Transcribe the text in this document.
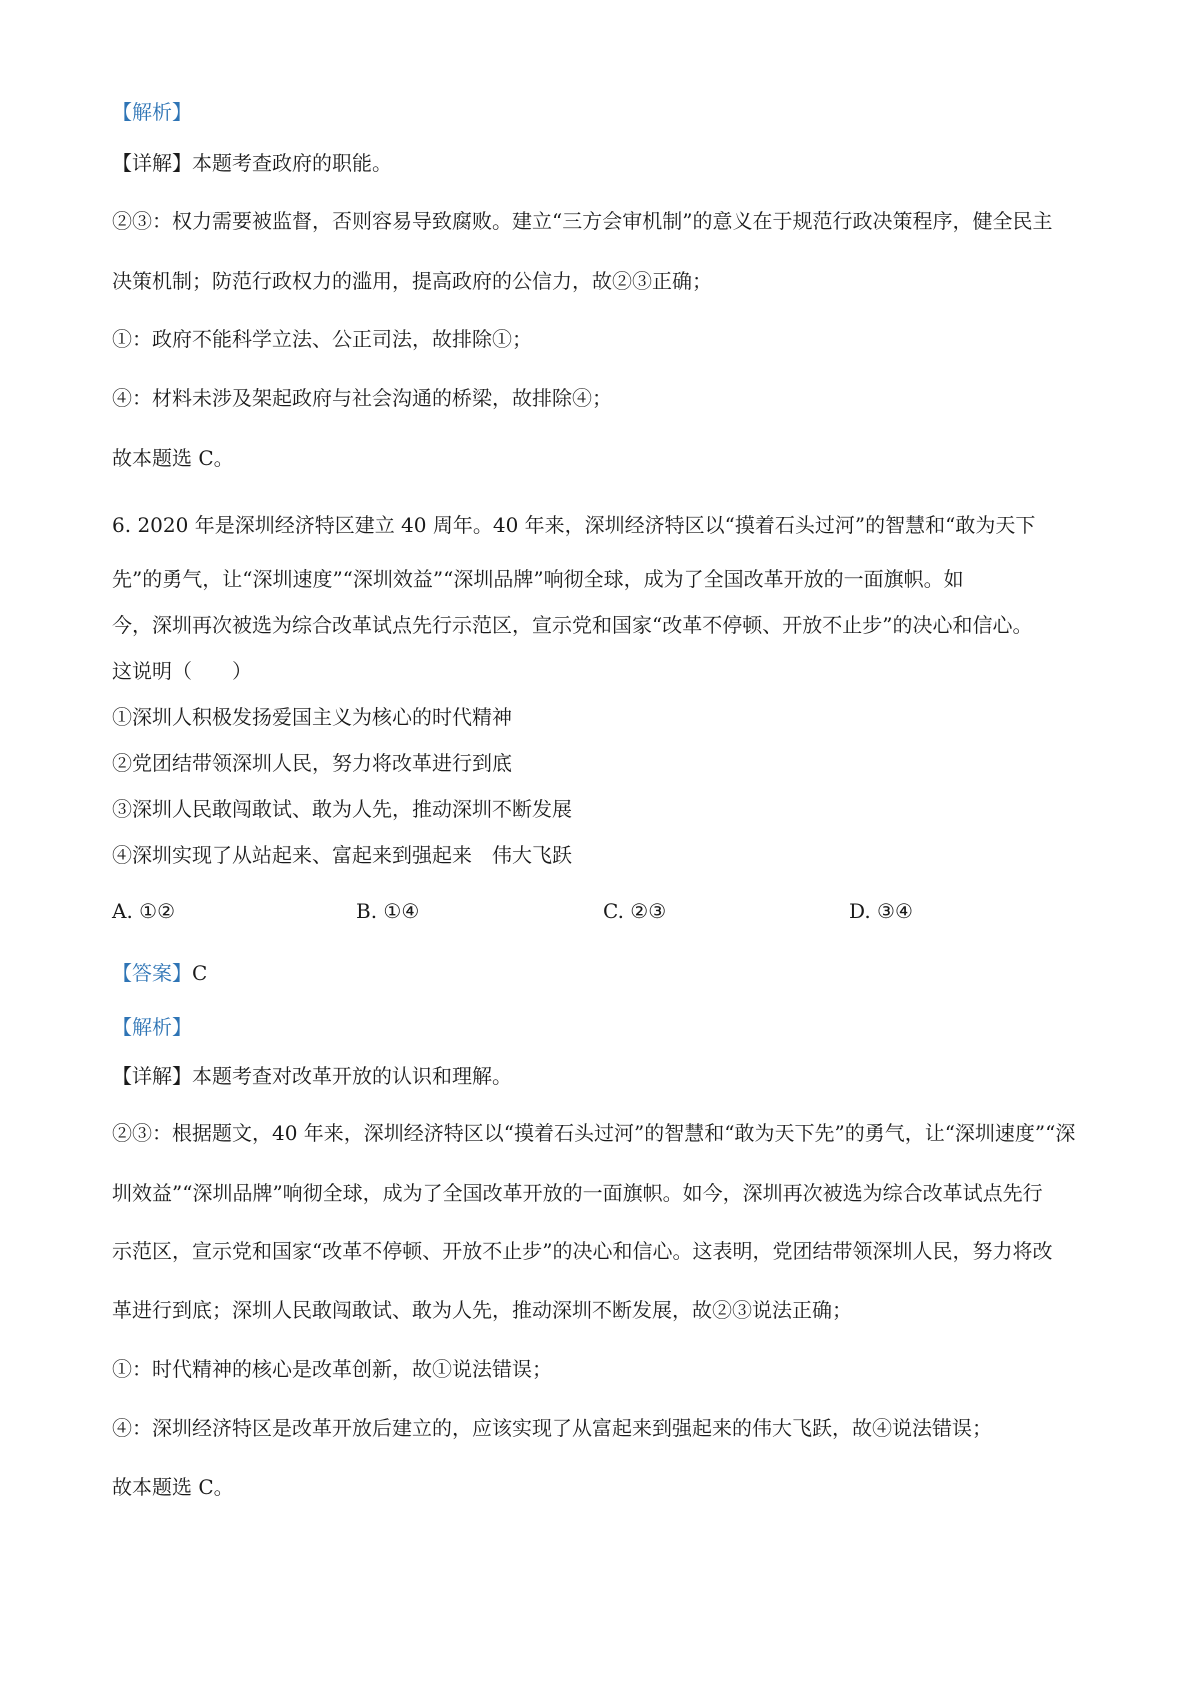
【解析】
【详解】本题考查政府的职能。
②③：权力需要被监督，否则容易导致腐败。建立“三方会审机制”的意义在于规范行政决策程序，健全民主
决策机制；防范行政权力的滥用，提高政府的公信力，故②③正确；
①：政府不能科学立法、公正司法，故排除①；
④：材料未涉及架起政府与社会沟通的桥梁，故排除④；
故本题选 C。
6. 2020 年是深圳经济特区建立 40 周年。40 年来，深圳经济特区以“摸着石头过河”的智慧和“敢为天下
先”的勇气，让“深圳速度”“深圳效益”“深圳品牌”响彻全球，成为了全国改革开放的一面旗帜。如
今，深圳再次被选为综合改革试点先行示范区，宣示党和国家“改革不停顿、开放不止步”的决心和信心。
这说明（　　）
①深圳人积极发扬爱国主义为核心的时代精神
②党团结带领深圳人民，努力将改革进行到底
③深圳人民敢闯敢试、敢为人先，推动深圳不断发展
④深圳实现了从站起来、富起来到强起来　伟大飞跃
A. ①②	B. ①④	C. ②③	D. ③④
【答案】C
【解析】
【详解】本题考查对改革开放的认识和理解。
②③：根据题文，40 年来，深圳经济特区以“摸着石头过河”的智慧和“敢为天下先”的勇气，让“深圳速度”“深
圳效益”“深圳品牌”响彻全球，成为了全国改革开放的一面旗帜。如今，深圳再次被选为综合改革试点先行
示范区，宣示党和国家“改革不停顿、开放不止步”的决心和信心。这表明，党团结带领深圳人民，努力将改
革进行到底；深圳人民敢闯敢试、敢为人先，推动深圳不断发展，故②③说法正确；
①：时代精神的核心是改革创新，故①说法错误；
④：深圳经济特区是改革开放后建立的，应该实现了从富起来到强起来的伟大飞跃，故④说法错误；
故本题选 C。
